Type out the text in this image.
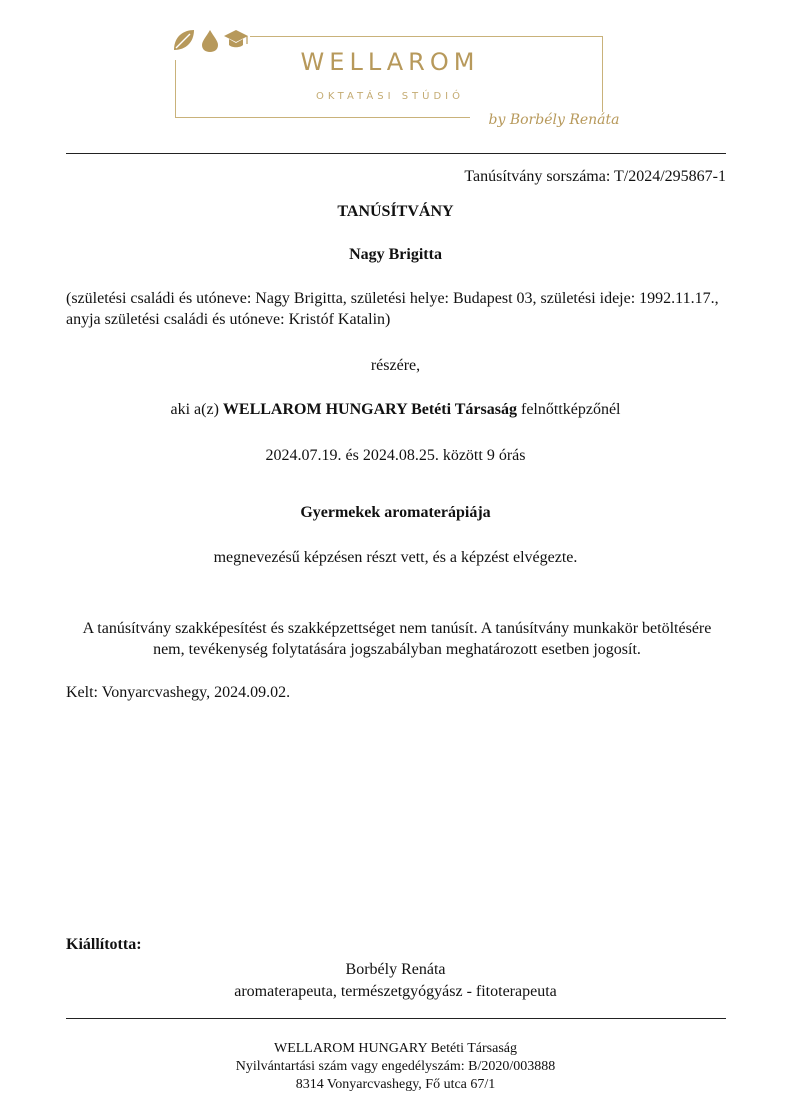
WELLAROM
OKTATÁSI STÚDIÓ
by Borbély Renáta
Tanúsítvány sorszáma: T/2024/295867-1
TANÚSÍTVÁNY
Nagy Brigitta
(születési családi és utóneve: Nagy Brigitta, születési helye: Budapest 03, születési ideje: 1992.11.17., anyja születési családi és utóneve: Kristóf Katalin)
részére,
aki a(z) WELLAROM HUNGARY Betéti Társaság felnőttképzőnél
2024.07.19. és 2024.08.25. között 9 órás
Gyermekek aromaterápiája
megnevezésű képzésen részt vett, és a képzést elvégezte.
A tanúsítvány szakképesítést és szakképzettséget nem tanúsít. A tanúsítvány munkakör betöltésére nem, tevékenység folytatására jogszabályban meghatározott esetben jogosít.
Kelt: Vonyarcvashegy, 2024.09.02.
Kiállította:
Borbély Renáta
aromaterapeuta, természetgyógyász - fitoterapeuta
WELLAROM HUNGARY Betéti Társaság
Nyilvántartási szám vagy engedélyszám: B/2020/003888
8314 Vonyarcvashegy, Fő utca 67/1
